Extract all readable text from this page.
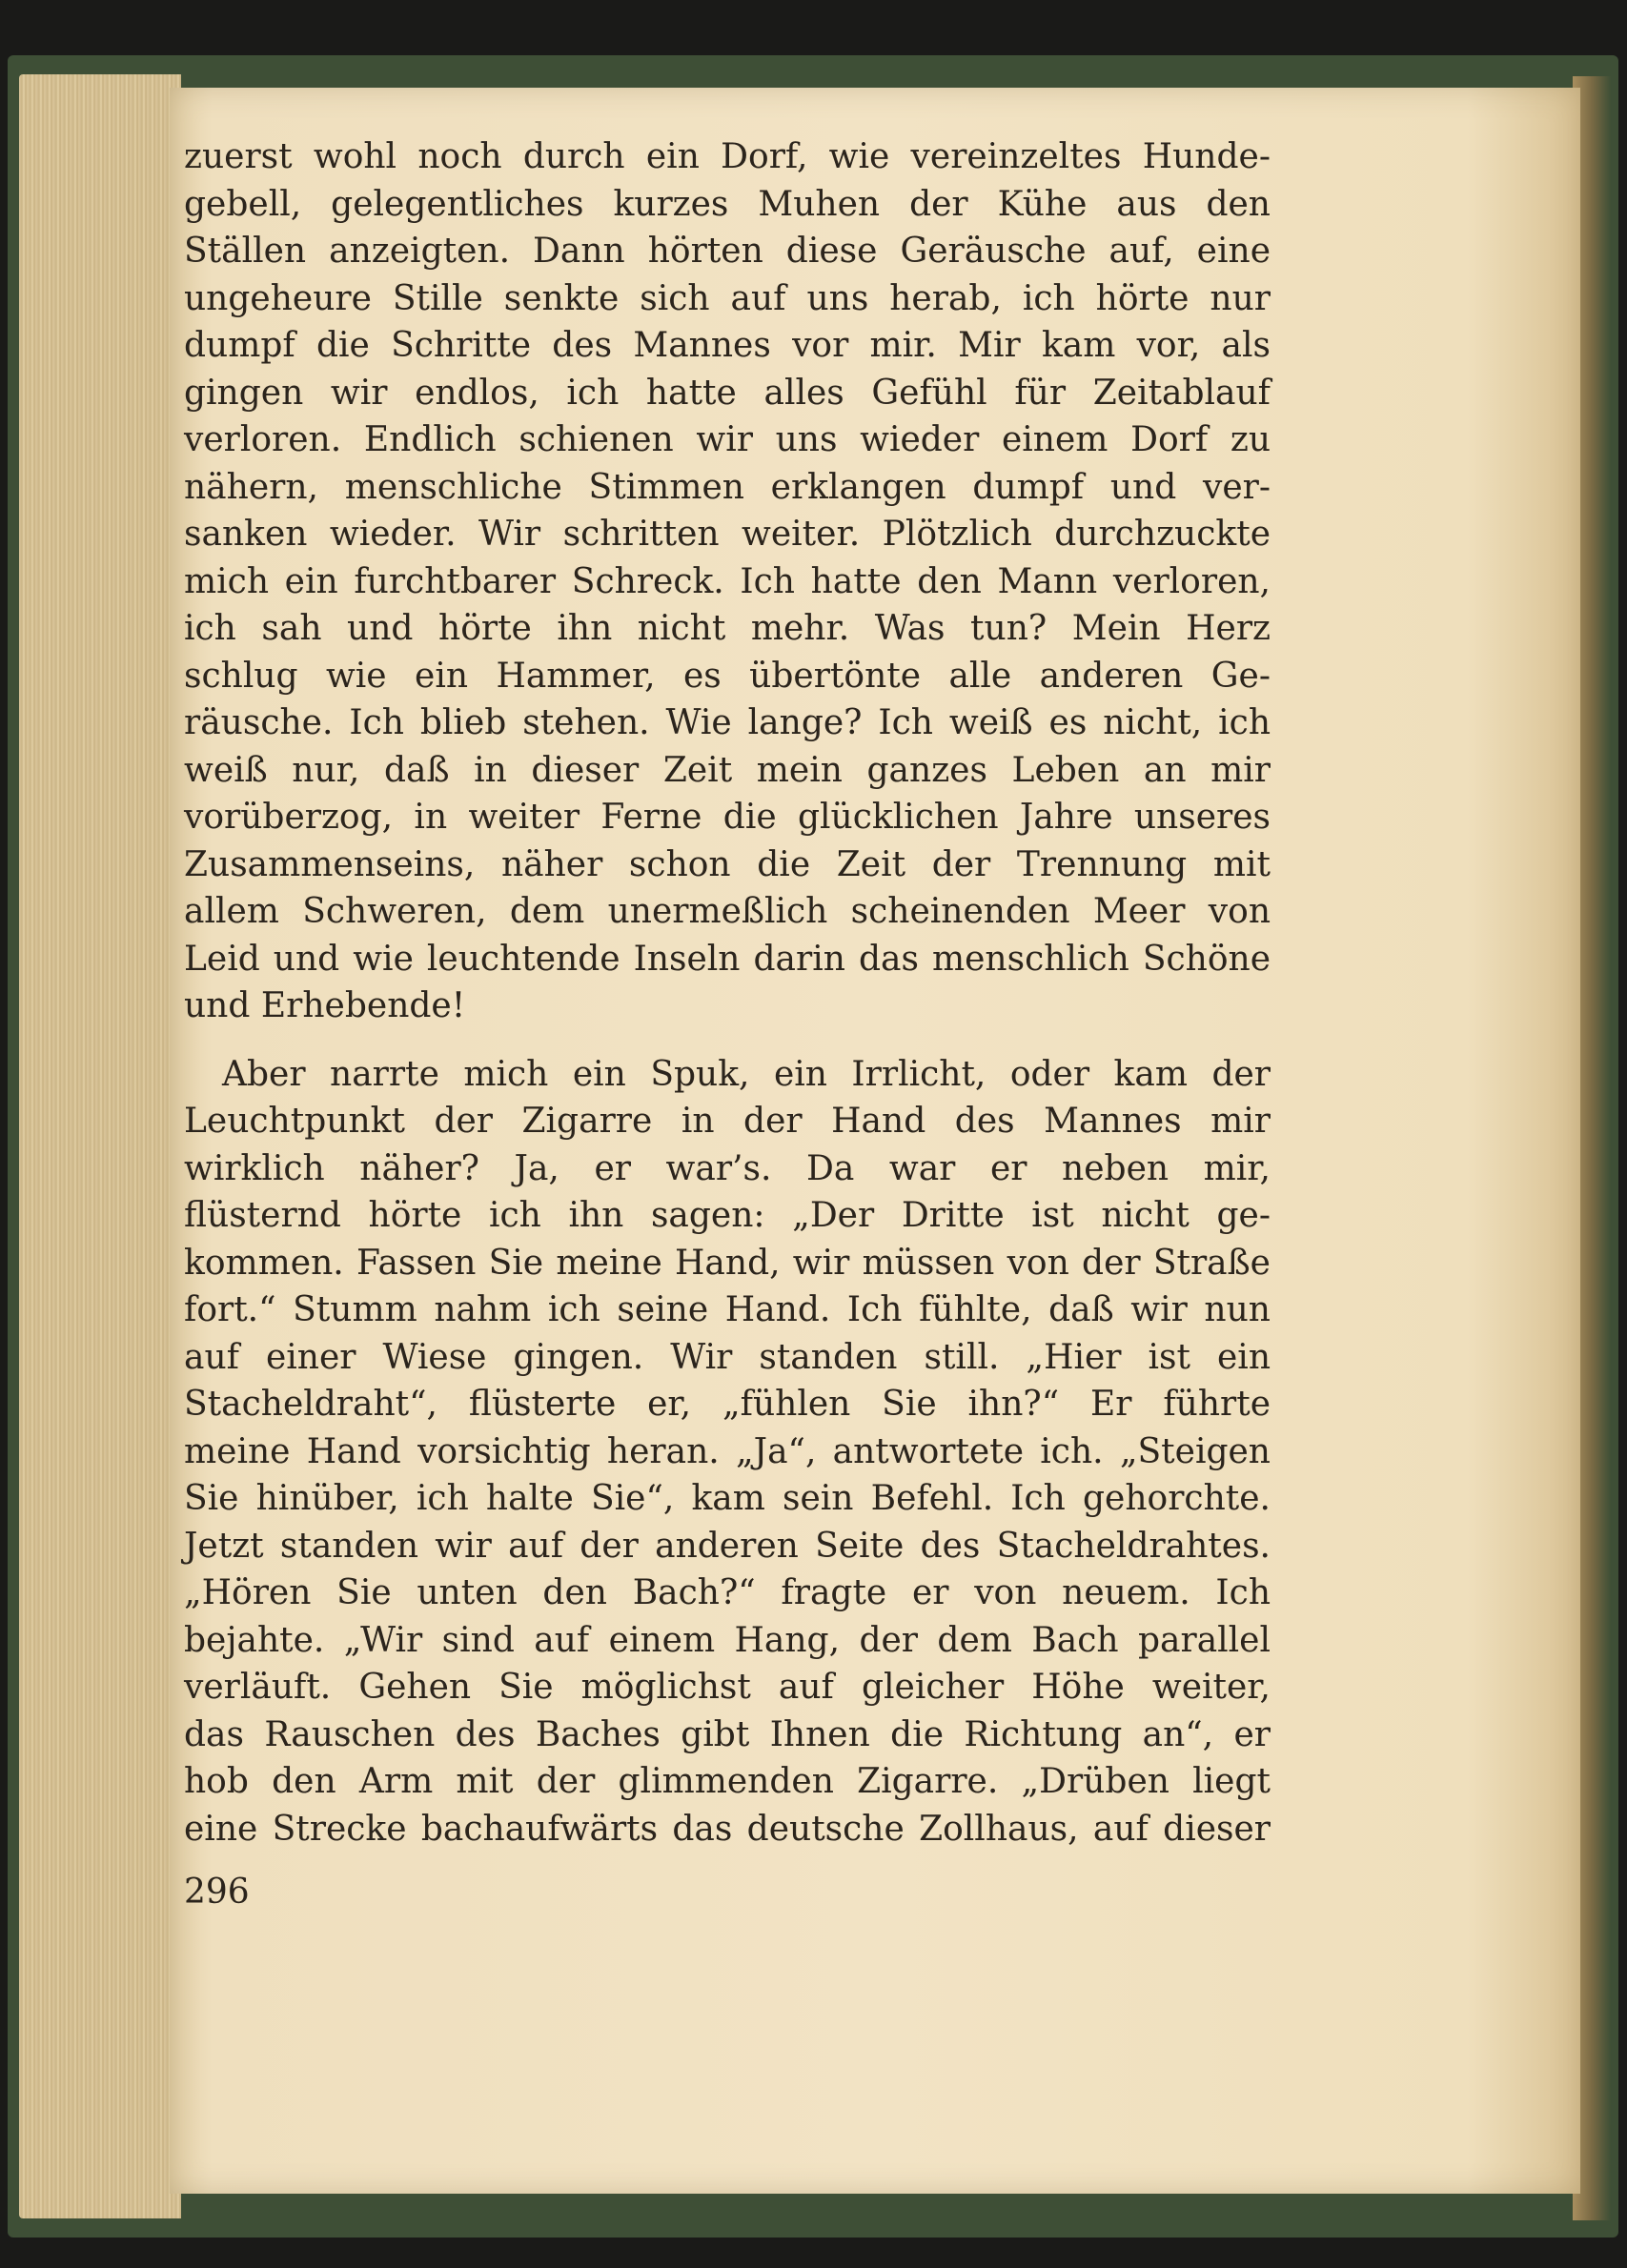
zuerst wohl noch durch ein Dorf, wie vereinzeltes Hunde-
gebell, gelegentliches kurzes Muhen der Kühe aus den
Ställen anzeigten. Dann hörten diese Geräusche auf, eine
ungeheure Stille senkte sich auf uns herab, ich hörte nur
dumpf die Schritte des Mannes vor mir. Mir kam vor, als
gingen wir endlos, ich hatte alles Gefühl für Zeitablauf
verloren. Endlich schienen wir uns wieder einem Dorf zu
nähern, menschliche Stimmen erklangen dumpf und ver-
sanken wieder. Wir schritten weiter. Plötzlich durchzuckte
mich ein furchtbarer Schreck. Ich hatte den Mann verloren,
ich sah und hörte ihn nicht mehr. Was tun? Mein Herz
schlug wie ein Hammer, es übertönte alle anderen Ge-
räusche. Ich blieb stehen. Wie lange? Ich weiß es nicht, ich
weiß nur, daß in dieser Zeit mein ganzes Leben an mir
vorüberzog, in weiter Ferne die glücklichen Jahre unseres
Zusammenseins, näher schon die Zeit der Trennung mit
allem Schweren, dem unermeßlich scheinenden Meer von
Leid und wie leuchtende Inseln darin das menschlich Schöne
und Erhebende!
Aber narrte mich ein Spuk, ein Irrlicht, oder kam der
Leuchtpunkt der Zigarre in der Hand des Mannes mir
wirklich näher? Ja, er war’s. Da war er neben mir,
flüsternd hörte ich ihn sagen: „Der Dritte ist nicht ge-
kommen. Fassen Sie meine Hand, wir müssen von der Straße
fort.“ Stumm nahm ich seine Hand. Ich fühlte, daß wir nun
auf einer Wiese gingen. Wir standen still. „Hier ist ein
Stacheldraht“, flüsterte er, „fühlen Sie ihn?“ Er führte
meine Hand vorsichtig heran. „Ja“, antwortete ich. „Steigen
Sie hinüber, ich halte Sie“, kam sein Befehl. Ich gehorchte.
Jetzt standen wir auf der anderen Seite des Stacheldrahtes.
„Hören Sie unten den Bach?“ fragte er von neuem. Ich
bejahte. „Wir sind auf einem Hang, der dem Bach parallel
verläuft. Gehen Sie möglichst auf gleicher Höhe weiter,
das Rauschen des Baches gibt Ihnen die Richtung an“, er
hob den Arm mit der glimmenden Zigarre. „Drüben liegt
eine Strecke bachaufwärts das deutsche Zollhaus, auf dieser
296
